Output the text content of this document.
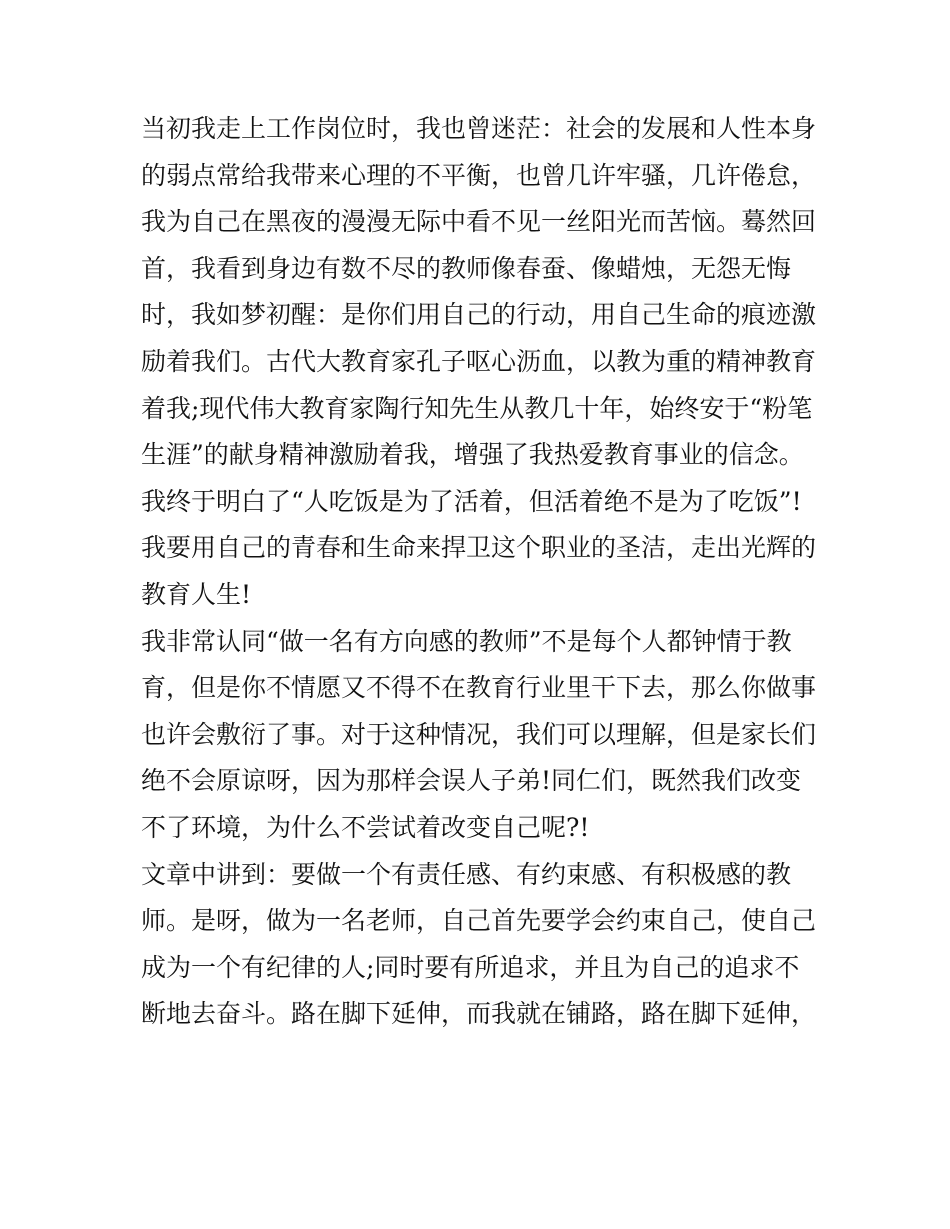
当初我走上工作岗位时，我也曾迷茫：社会的发展和人性本身
的弱点常给我带来心理的不平衡，也曾几许牢骚，几许倦怠，
我为自己在黑夜的漫漫无际中看不见一丝阳光而苦恼。蓦然回
首，我看到身边有数不尽的教师像春蚕、像蜡烛，无怨无悔
时，我如梦初醒：是你们用自己的行动，用自己生命的痕迹激
励着我们。古代大教育家孔子呕心沥血，以教为重的精神教育
着我;现代伟大教育家陶行知先生从教几十年，始终安于“粉笔
生涯”的献身精神激励着我，增强了我热爱教育事业的信念。
我终于明白了“人吃饭是为了活着，但活着绝不是为了吃饭”!
我要用自己的青春和生命来捍卫这个职业的圣洁，走出光辉的
教育人生!
我非常认同“做一名有方向感的教师”不是每个人都钟情于教
育，但是你不情愿又不得不在教育行业里干下去，那么你做事
也许会敷衍了事。对于这种情况，我们可以理解，但是家长们
绝不会原谅呀，因为那样会误人子弟!同仁们，既然我们改变
不了环境，为什么不尝试着改变自己呢?!
文章中讲到：要做一个有责任感、有约束感、有积极感的教
师。是呀，做为一名老师，自己首先要学会约束自己，使自己
成为一个有纪律的人;同时要有所追求，并且为自己的追求不
断地去奋斗。路在脚下延伸，而我就在铺路，路在脚下延伸，
